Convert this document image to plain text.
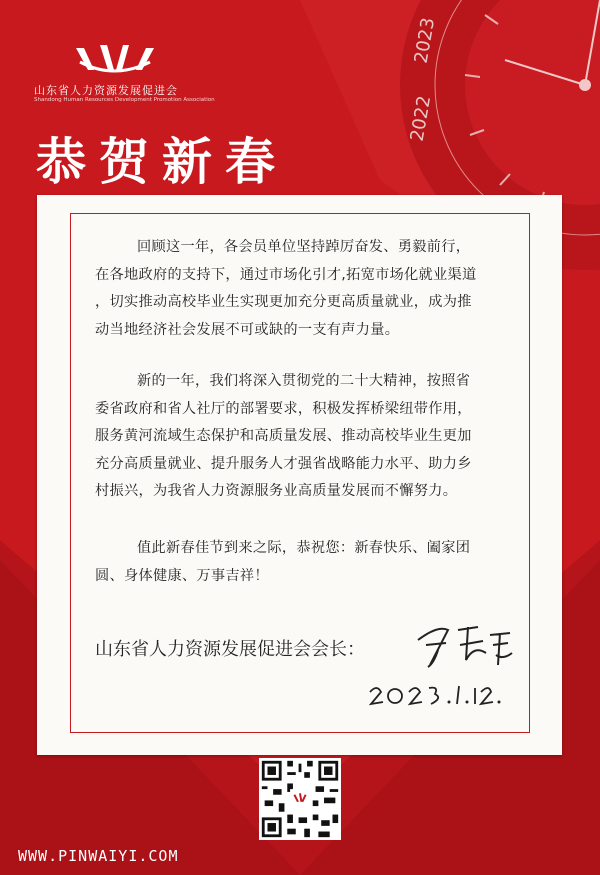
2023
2022
山东省人力资源发展促进会
Shandong Human Resources Development Promotion Association
恭贺新春

回顾这一年，各会员单位坚持踔厉奋发、勇毅前行，

在各地政府的支持下，通过市场化引才,拓宽市场化就业渠道

，切实推动高校毕业生实现更加充分更高质量就业，成为推

动当地经济社会发展不可或缺的一支有声力量。

新的一年，我们将深入贯彻党的二十大精神，按照省

委省政府和省人社厅的部署要求，积极发挥桥梁纽带作用，

服务黄河流域生态保护和高质量发展、推动高校毕业生更加

充分高质量就业、提升服务人才强省战略能力水平、助力乡

村振兴，为我省人力资源服务业高质量发展而不懈努力。

值此新春佳节到来之际，恭祝您：新春快乐、阖家团

圆、身体健康、万事吉祥！

山东省人力资源发展促进会会长：
WWW.PINWAIYI.COM
